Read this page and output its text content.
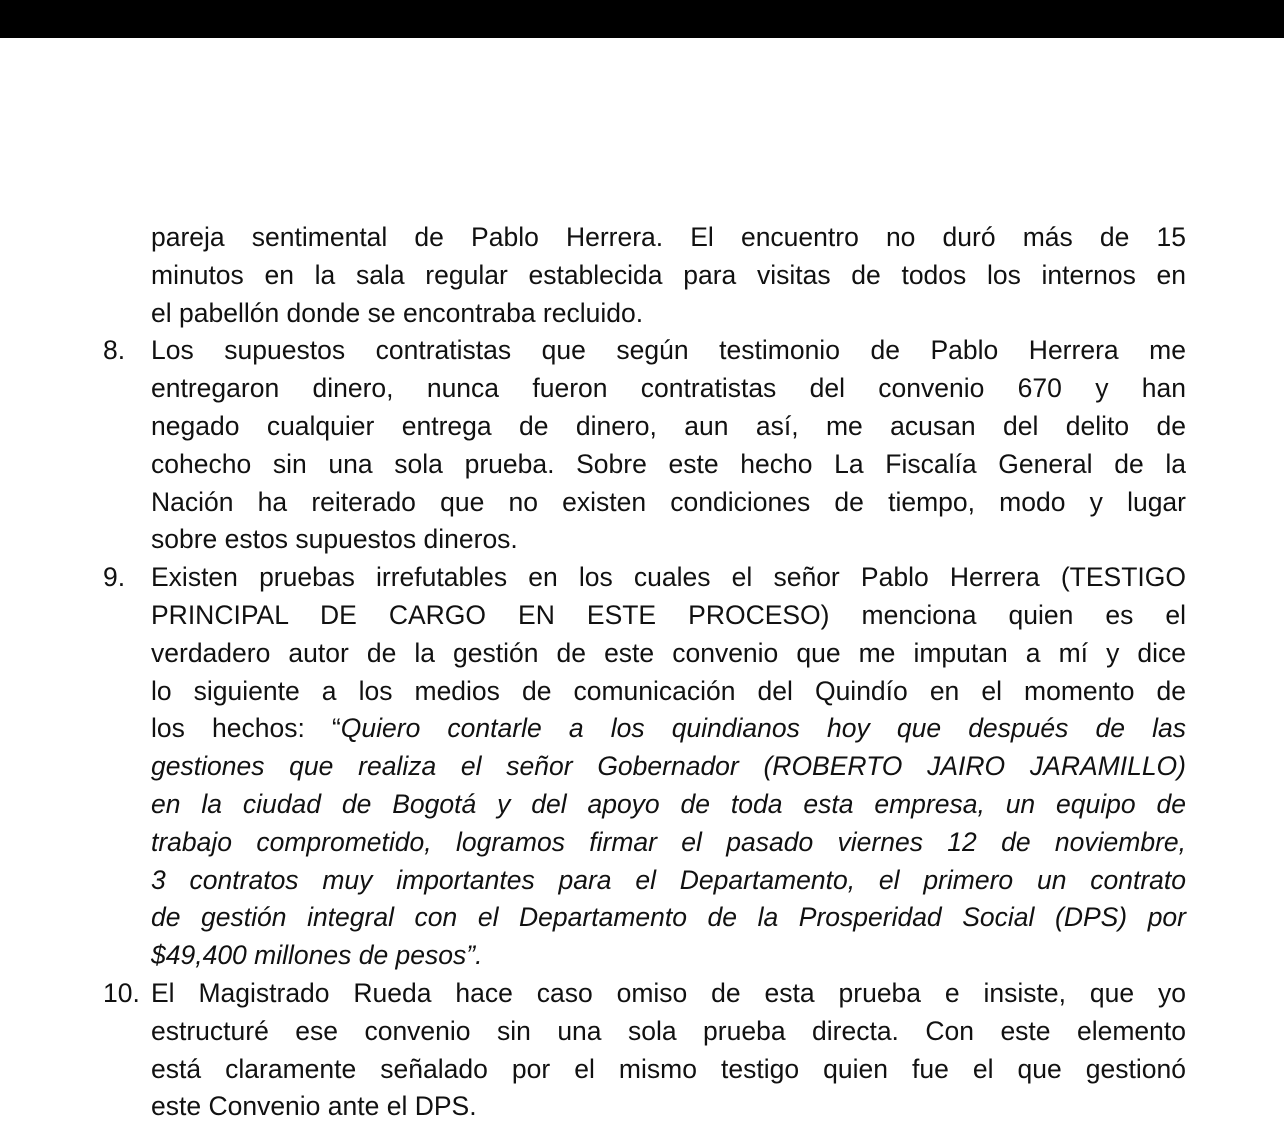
pareja sentimental de Pablo Herrera. El encuentro no duró más de 15
minutos en la sala regular establecida para visitas de todos los internos en
el pabellón donde se encontraba recluido.
8. Los supuestos contratistas que según testimonio de Pablo Herrera me
entregaron dinero, nunca fueron contratistas del convenio 670 y han
negado cualquier entrega de dinero, aun así, me acusan del delito de
cohecho sin una sola prueba. Sobre este hecho La Fiscalía General de la
Nación ha reiterado que no existen condiciones de tiempo, modo y lugar
sobre estos supuestos dineros.
9. Existen pruebas irrefutables en los cuales el señor Pablo Herrera (TESTIGO
PRINCIPAL DE CARGO EN ESTE PROCESO) menciona quien es el
verdadero autor de la gestión de este convenio que me imputan a mí y dice
lo siguiente a los medios de comunicación del Quindío en el momento de
los hechos: “Quiero contarle a los quindianos hoy que después de las
gestiones que realiza el señor Gobernador (ROBERTO JAIRO JARAMILLO)
en la ciudad de Bogotá y del apoyo de toda esta empresa, un equipo de
trabajo comprometido, logramos firmar el pasado viernes 12 de noviembre,
3 contratos muy importantes para el Departamento, el primero un contrato
de gestión integral con el Departamento de la Prosperidad Social (DPS) por
$49,400 millones de pesos”.
10. El Magistrado Rueda hace caso omiso de esta prueba e insiste, que yo
estructuré ese convenio sin una sola prueba directa. Con este elemento
está claramente señalado por el mismo testigo quien fue el que gestionó
este Convenio ante el DPS.
